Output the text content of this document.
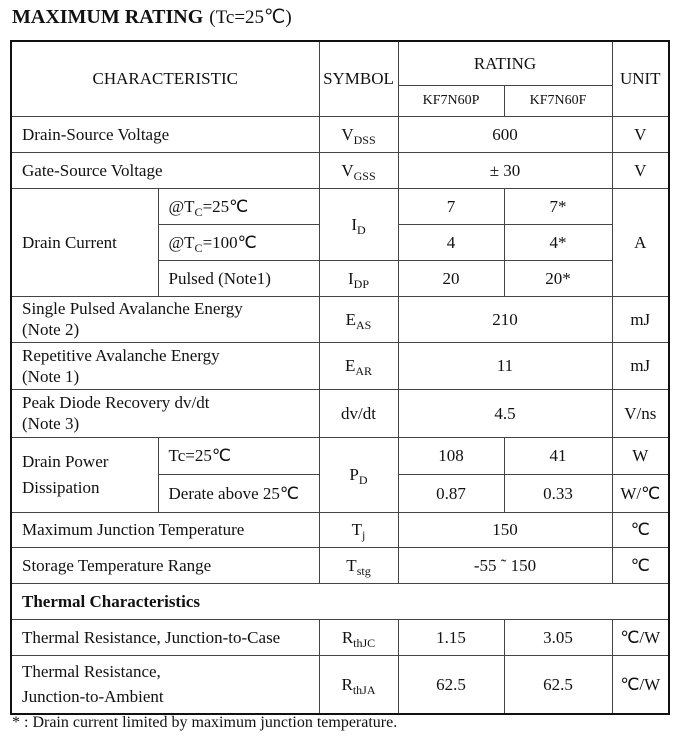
MAXIMUM RATING (Tc=25℃)
CHARACTERISTIC		SYMBOL	RATING		UNIT
			KF7N60P	KF7N60F	
Drain-Source Voltage		$V_{DSS}$	600		V
Gate-Source Voltage		$V_{GSS}$	± 30		V
Drain Current	$@T_C=25℃$	$I_D$	7	7*	A
	$@T_C=100℃$		4	4*	
	Pulsed (Note1)	$I_{DP}$	20	20*	

Single Pulsed Avalanche Energy
(Note 2)		$E_{AS}$	210		mJ

Repetitive Avalanche Energy
(Note 1)		$E_{AR}$	11		mJ

Peak Diode Recovery dv/dt
(Note 3)		dv/dt	4.5		V/ns

Drain Power
Dissipation	Tc=25℃	$P_D$	108	41	W
	Derate above 25℃		0.87	0.33	W/℃
Maximum Junction Temperature		$T_j$	150		℃
Storage Temperature Range		$T_{stg}$	-55 ˜ 150		℃
Thermal Characteristics					
Thermal Resistance, Junction-to-Case		$R_{thJC}$	1.15	3.05	℃/W

Thermal Resistance,
Junction-to-Ambient		$R_{thJA}$	62.5	62.5	℃/W
* : Drain current limited by maximum junction temperature.
